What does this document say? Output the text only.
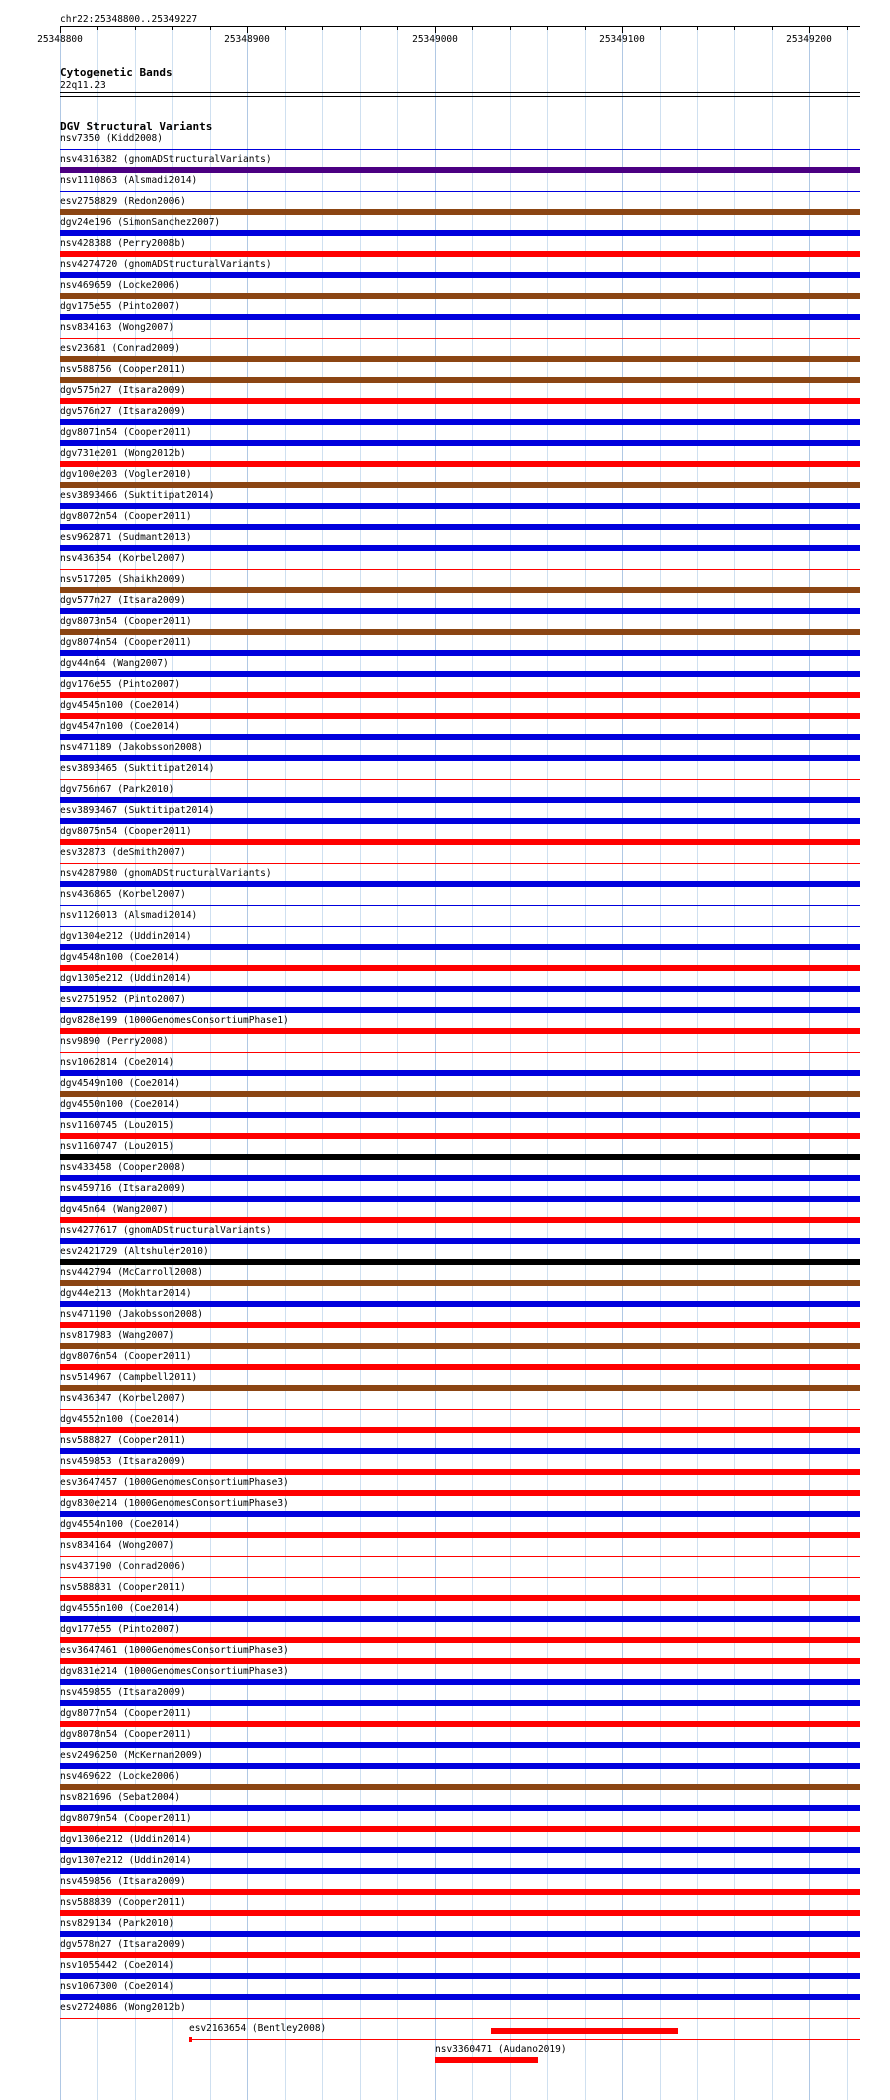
chr22:25348800..25349227
25348800	25348900	25349000	25349100	25349200
Cytogenetic Bands
22q11.23
DGV Structural Variants
nsv7350 (Kidd2008)
nsv4316382 (gnomADStructuralVariants)
nsv1110863 (Alsmadi2014)
esv2758829 (Redon2006)
dgv24e196 (SimonSanchez2007)
nsv428388 (Perry2008b)
nsv4274720 (gnomADStructuralVariants)
nsv469659 (Locke2006)
dgv175e55 (Pinto2007)
nsv834163 (Wong2007)
esv23681 (Conrad2009)
nsv588756 (Cooper2011)
dgv575n27 (Itsara2009)
dgv576n27 (Itsara2009)
dgv8071n54 (Cooper2011)
dgv731e201 (Wong2012b)
dgv100e203 (Vogler2010)
esv3893466 (Suktitipat2014)
dgv8072n54 (Cooper2011)
esv962871 (Sudmant2013)
nsv436354 (Korbel2007)
nsv517205 (Shaikh2009)
dgv577n27 (Itsara2009)
dgv8073n54 (Cooper2011)
dgv8074n54 (Cooper2011)
dgv44n64 (Wang2007)
dgv176e55 (Pinto2007)
dgv4545n100 (Coe2014)
dgv4547n100 (Coe2014)
nsv471189 (Jakobsson2008)
esv3893465 (Suktitipat2014)
dgv756n67 (Park2010)
esv3893467 (Suktitipat2014)
dgv8075n54 (Cooper2011)
esv32873 (deSmith2007)
nsv4287980 (gnomADStructuralVariants)
nsv436865 (Korbel2007)
nsv1126013 (Alsmadi2014)
dgv1304e212 (Uddin2014)
dgv4548n100 (Coe2014)
dgv1305e212 (Uddin2014)
esv2751952 (Pinto2007)
dgv828e199 (1000GenomesConsortiumPhase1)
nsv9890 (Perry2008)
nsv1062814 (Coe2014)
dgv4549n100 (Coe2014)
dgv4550n100 (Coe2014)
nsv1160745 (Lou2015)
nsv1160747 (Lou2015)
nsv433458 (Cooper2008)
nsv459716 (Itsara2009)
dgv45n64 (Wang2007)
nsv4277617 (gnomADStructuralVariants)
esv2421729 (Altshuler2010)
nsv442794 (McCarroll2008)
dgv44e213 (Mokhtar2014)
nsv471190 (Jakobsson2008)
nsv817983 (Wang2007)
dgv8076n54 (Cooper2011)
nsv514967 (Campbell2011)
nsv436347 (Korbel2007)
dgv4552n100 (Coe2014)
nsv588827 (Cooper2011)
nsv459853 (Itsara2009)
esv3647457 (1000GenomesConsortiumPhase3)
dgv830e214 (1000GenomesConsortiumPhase3)
dgv4554n100 (Coe2014)
nsv834164 (Wong2007)
nsv437190 (Conrad2006)
nsv588831 (Cooper2011)
dgv4555n100 (Coe2014)
dgv177e55 (Pinto2007)
esv3647461 (1000GenomesConsortiumPhase3)
dgv831e214 (1000GenomesConsortiumPhase3)
nsv459855 (Itsara2009)
dgv8077n54 (Cooper2011)
dgv8078n54 (Cooper2011)
esv2496250 (McKernan2009)
nsv469622 (Locke2006)
nsv821696 (Sebat2004)
dgv8079n54 (Cooper2011)
dgv1306e212 (Uddin2014)
dgv1307e212 (Uddin2014)
nsv459856 (Itsara2009)
nsv588839 (Cooper2011)
nsv829134 (Park2010)
dgv578n27 (Itsara2009)
nsv1055442 (Coe2014)
nsv1067300 (Coe2014)
esv2724086 (Wong2012b)
esv2163654 (Bentley2008)
nsv3360471 (Audano2019)
